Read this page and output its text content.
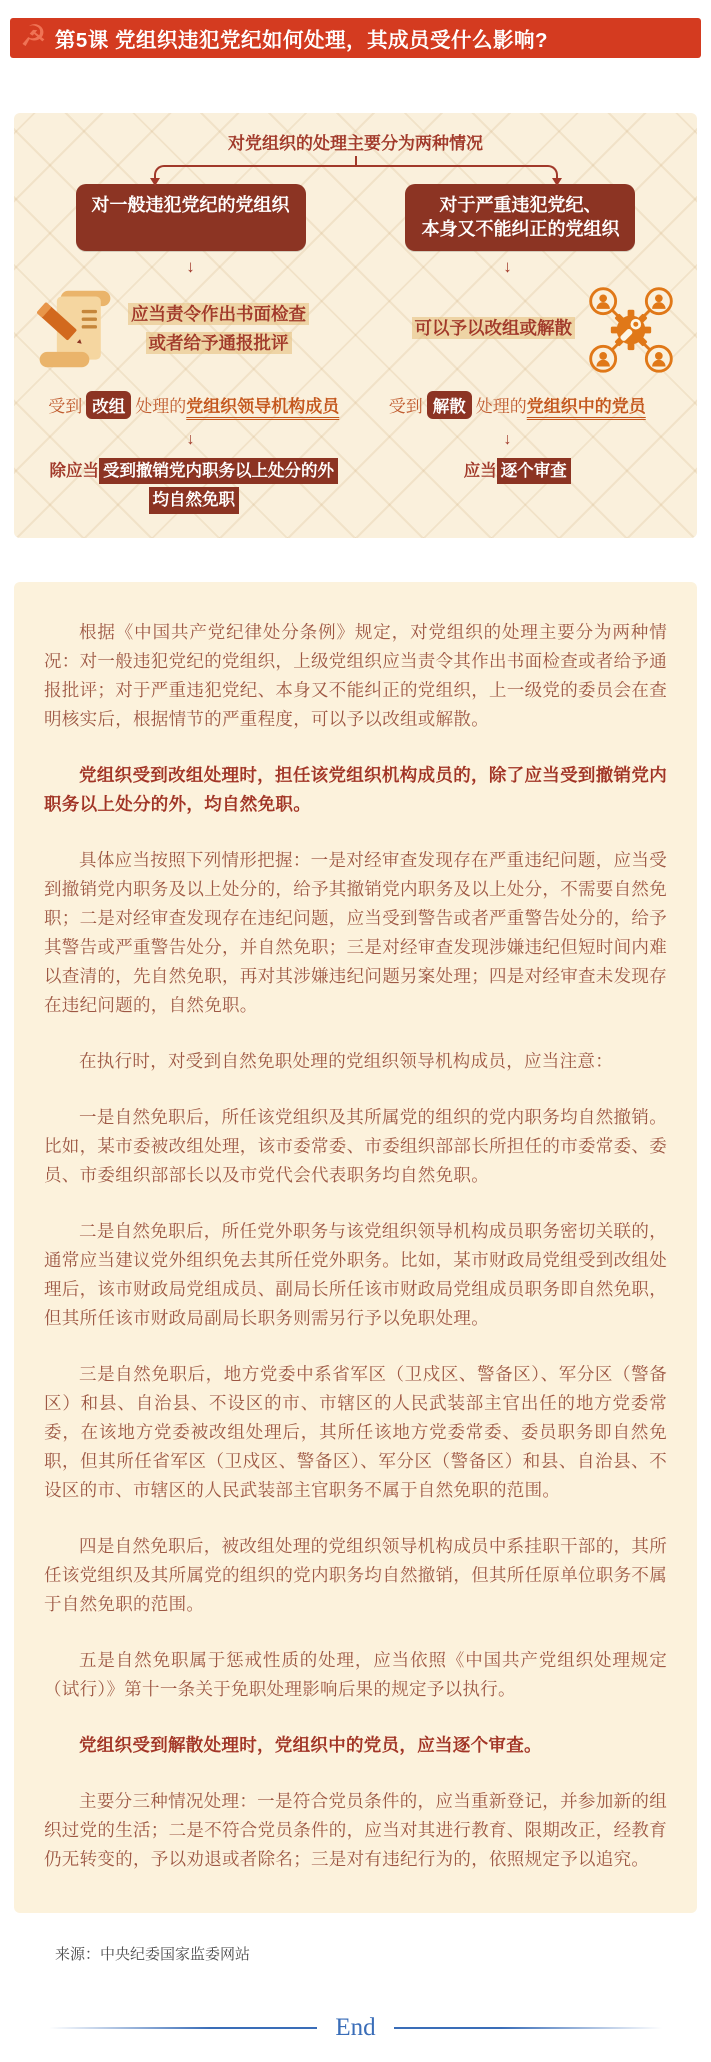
☭ 第5课 党组织违犯党纪如何处理，其成员受什么影响?
对党组织的处理主要分为两种情况
对一般违犯党纪的党组织	对于严重违犯党纪、
本身又不能纠正的党组织
↓	↓
应当责令作出书面检查
或者给予通报批评
可以予以改组或解散
受到 改组 处理的党组织领导机构成员	受到 解散 处理的党组织中的党员
↓	↓
除应当 受到撤销党内职务以上处分的外
均自然免职
应当 逐个审查

根据《中国共产党纪律处分条例》规定，对党组织的处理主要分为两种情况：对一般违犯党纪的党组织，上级党组织应当责令其作出书面检查或者给予通报批评；对于严重违犯党纪、本身又不能纠正的党组织，上一级党的委员会在查明核实后，根据情节的严重程度，可以予以改组或解散。

党组织受到改组处理时，担任该党组织机构成员的，除了应当受到撤销党内职务以上处分的外，均自然免职。

具体应当按照下列情形把握：一是对经审查发现存在严重违纪问题，应当受到撤销党内职务及以上处分的，给予其撤销党内职务及以上处分，不需要自然免职；二是对经审查发现存在违纪问题，应当受到警告或者严重警告处分的，给予其警告或严重警告处分，并自然免职；三是对经审查发现涉嫌违纪但短时间内难以查清的，先自然免职，再对其涉嫌违纪问题另案处理；四是对经审查未发现存在违纪问题的，自然免职。

在执行时，对受到自然免职处理的党组织领导机构成员，应当注意：

一是自然免职后，所任该党组织及其所属党的组织的党内职务均自然撤销。比如，某市委被改组处理，该市委常委、市委组织部部长所担任的市委常委、委员、市委组织部部长以及市党代会代表职务均自然免职。

二是自然免职后，所任党外职务与该党组织领导机构成员职务密切关联的，通常应当建议党外组织免去其所任党外职务。比如，某市财政局党组受到改组处理后，该市财政局党组成员、副局长所任该市财政局党组成员职务即自然免职，但其所任该市财政局副局长职务则需另行予以免职处理。

三是自然免职后，地方党委中系省军区（卫戍区、警备区）、军分区（警备区）和县、自治县、不设区的市、市辖区的人民武装部主官出任的地方党委常委，在该地方党委被改组处理后，其所任该地方党委常委、委员职务即自然免职，但其所任省军区（卫戍区、警备区）、军分区（警备区）和县、自治县、不设区的市、市辖区的人民武装部主官职务不属于自然免职的范围。

四是自然免职后，被改组处理的党组织领导机构成员中系挂职干部的，其所任该党组织及其所属党的组织的党内职务均自然撤销，但其所任原单位职务不属于自然免职的范围。

五是自然免职属于惩戒性质的处理，应当依照《中国共产党组织处理规定（试行）》第十一条关于免职处理影响后果的规定予以执行。

党组织受到解散处理时，党组织中的党员，应当逐个审查。

主要分三种情况处理：一是符合党员条件的，应当重新登记，并参加新的组织过党的生活；二是不符合党员条件的，应当对其进行教育、限期改正，经教育仍无转变的，予以劝退或者除名；三是对有违纪行为的，依照规定予以追究。

来源：中央纪委国家监委网站
End
